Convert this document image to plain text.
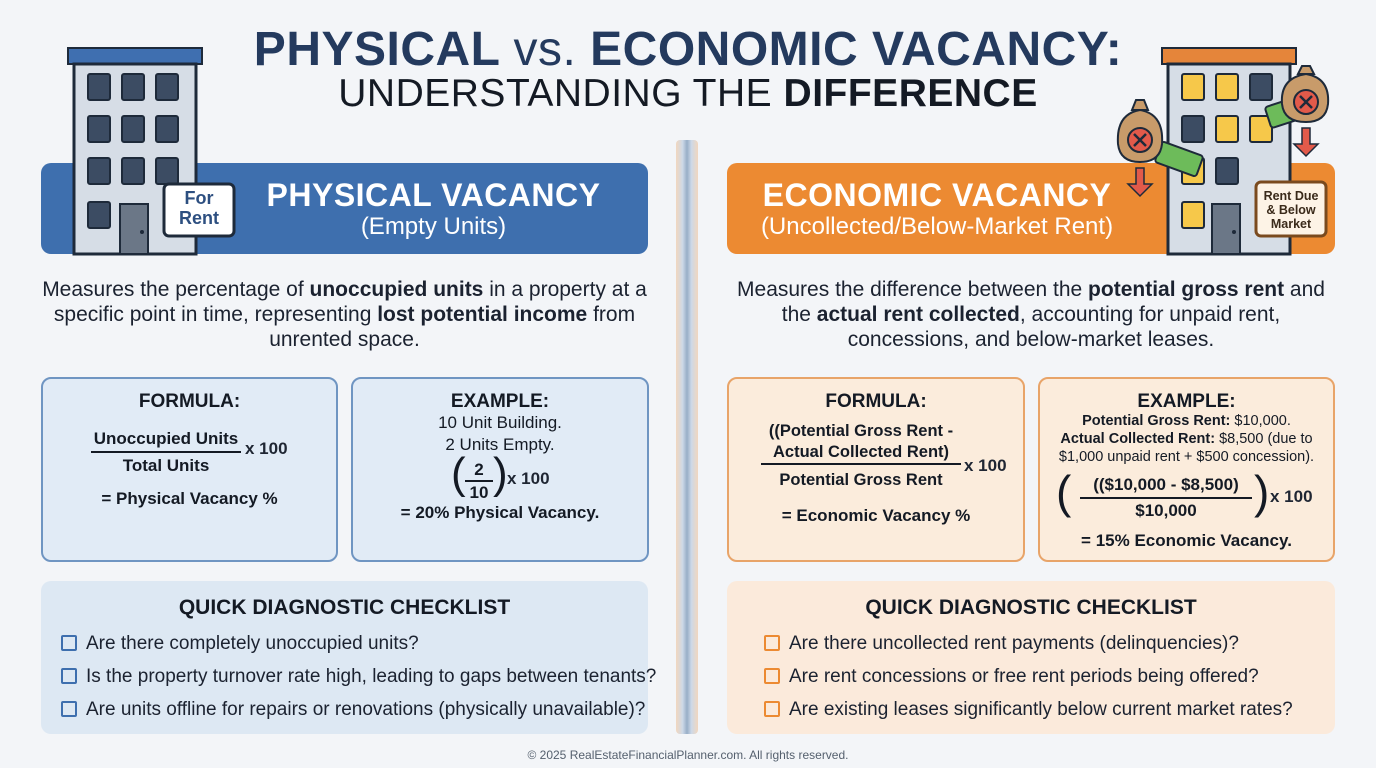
PHYSICAL vs. ECONOMIC VACANCY:
UNDERSTANDING THE DIFFERENCE
PHYSICAL VACANCY
(Empty Units)
For
Rent
ECONOMIC VACANCY
(Uncollected/Below-Market Rent)
Rent Due
& Below
Market
Measures the percentage of unoccupied units in a property at a specific point in time, representing lost potential income from unrented space.
Measures the difference between the potential gross rent and the actual rent collected, accounting for unpaid rent, concessions, and below-market leases.
FORMULA:
Unoccupied Units
Total Units
x 100
= Physical Vacancy %
EXAMPLE:
10 Unit Building.
2 Units Empty.
( $\frac{2}{10}$ ) x 100
= 20% Physical Vacancy.
FORMULA:
((Potential Gross Rent -
Actual Collected Rent)
Potential Gross Rent
x 100
= Economic Vacancy %
EXAMPLE:
Potential Gross Rent: $10,000.
Actual Collected Rent: $8,500 (due to
$1,000 unpaid rent + $500 concession).
( $\frac{((\$10,000 - \$8,500)}{\$10,000}$ ) x 100
= 15% Economic Vacancy.
QUICK DIAGNOSTIC CHECKLIST
Are there completely unoccupied units?
Is the property turnover rate high, leading to gaps between tenants?
Are units offline for repairs or renovations (physically unavailable)?
QUICK DIAGNOSTIC CHECKLIST
Are there uncollected rent payments (delinquencies)?
Are rent concessions or free rent periods being offered?
Are existing leases significantly below current market rates?
© 2025 RealEstateFinancialPlanner.com. All rights reserved.
